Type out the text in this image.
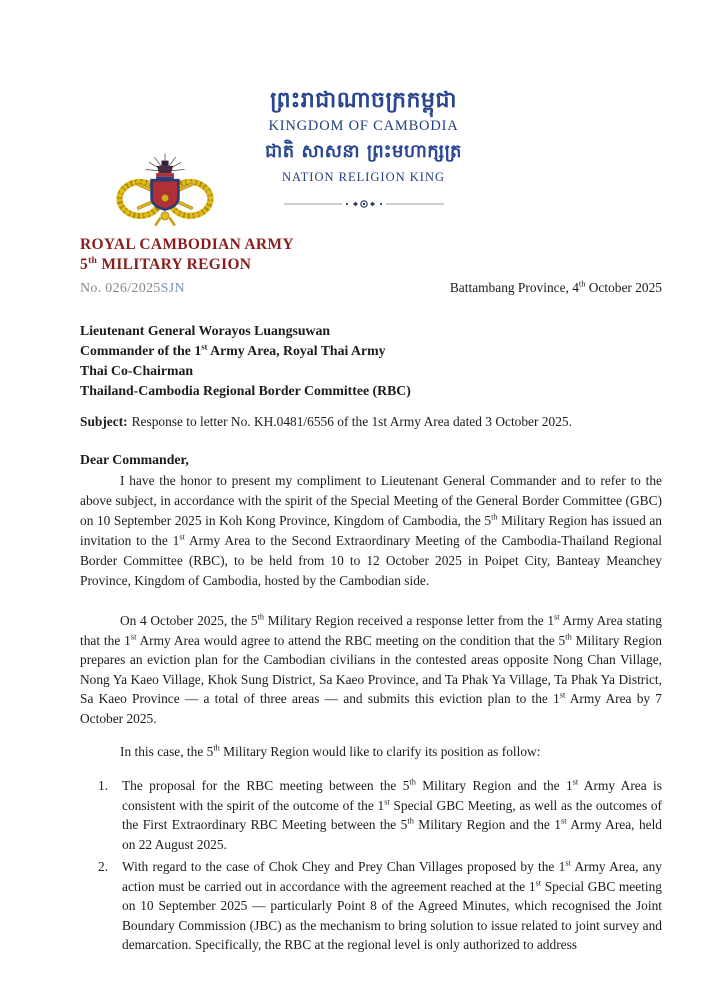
ព្រះរាជាណាចក្រកម្ពុជា
KINGDOM OF CAMBODIA
ជាតិ សាសនា ព្រះមហាក្សត្រ
NATION RELIGION KING
ROYAL CAMBODIAN ARMY
5th MILITARY REGION
No. 026/2025SJN	Battambang Province, 4th October 2025
Lieutenant General Worayos Luangsuwan
Commander of the 1st Army Area, Royal Thai Army
Thai Co-Chairman
Thailand-Cambodia Regional Border Committee (RBC)
Subject: Response to letter No. KH.0481/6556 of the 1st Army Area dated 3 October 2025.
Dear Commander,
I have the honor to present my compliment to Lieutenant General Commander and to refer to the above subject, in accordance with the spirit of the Special Meeting of the General Border Committee (GBC) on 10 September 2025 in Koh Kong Province, Kingdom of Cambodia, the 5th Military Region has issued an invitation to the 1st Army Area to the Second Extraordinary Meeting of the Cambodia-Thailand Regional Border Committee (RBC), to be held from 10 to 12 October 2025 in Poipet City, Banteay Meanchey Province, Kingdom of Cambodia, hosted by the Cambodian side.
On 4 October 2025, the 5th Military Region received a response letter from the 1st Army Area stating that the 1st Army Area would agree to attend the RBC meeting on the condition that the 5th Military Region prepares an eviction plan for the Cambodian civilians in the contested areas opposite Nong Chan Village, Nong Ya Kaeo Village, Khok Sung District, Sa Kaeo Province, and Ta Phak Ya Village, Ta Phak Ya District, Sa Kaeo Province — a total of three areas — and submits this eviction plan to the 1st Army Area by 7 October 2025.
In this case, the 5th Military Region would like to clarify its position as follow:
1. The proposal for the RBC meeting between the 5th Military Region and the 1st Army Area is consistent with the spirit of the outcome of the 1st Special GBC Meeting, as well as the outcomes of the First Extraordinary RBC Meeting between the 5th Military Region and the 1st Army Area, held on 22 August 2025.
2. With regard to the case of Chok Chey and Prey Chan Villages proposed by the 1st Army Area, any action must be carried out in accordance with the agreement reached at the 1st Special GBC meeting on 10 September 2025 — particularly Point 8 of the Agreed Minutes, which recognised the Joint Boundary Commission (JBC) as the mechanism to bring solution to issue related to joint survey and demarcation. Specifically, the RBC at the regional level is only authorized to address
